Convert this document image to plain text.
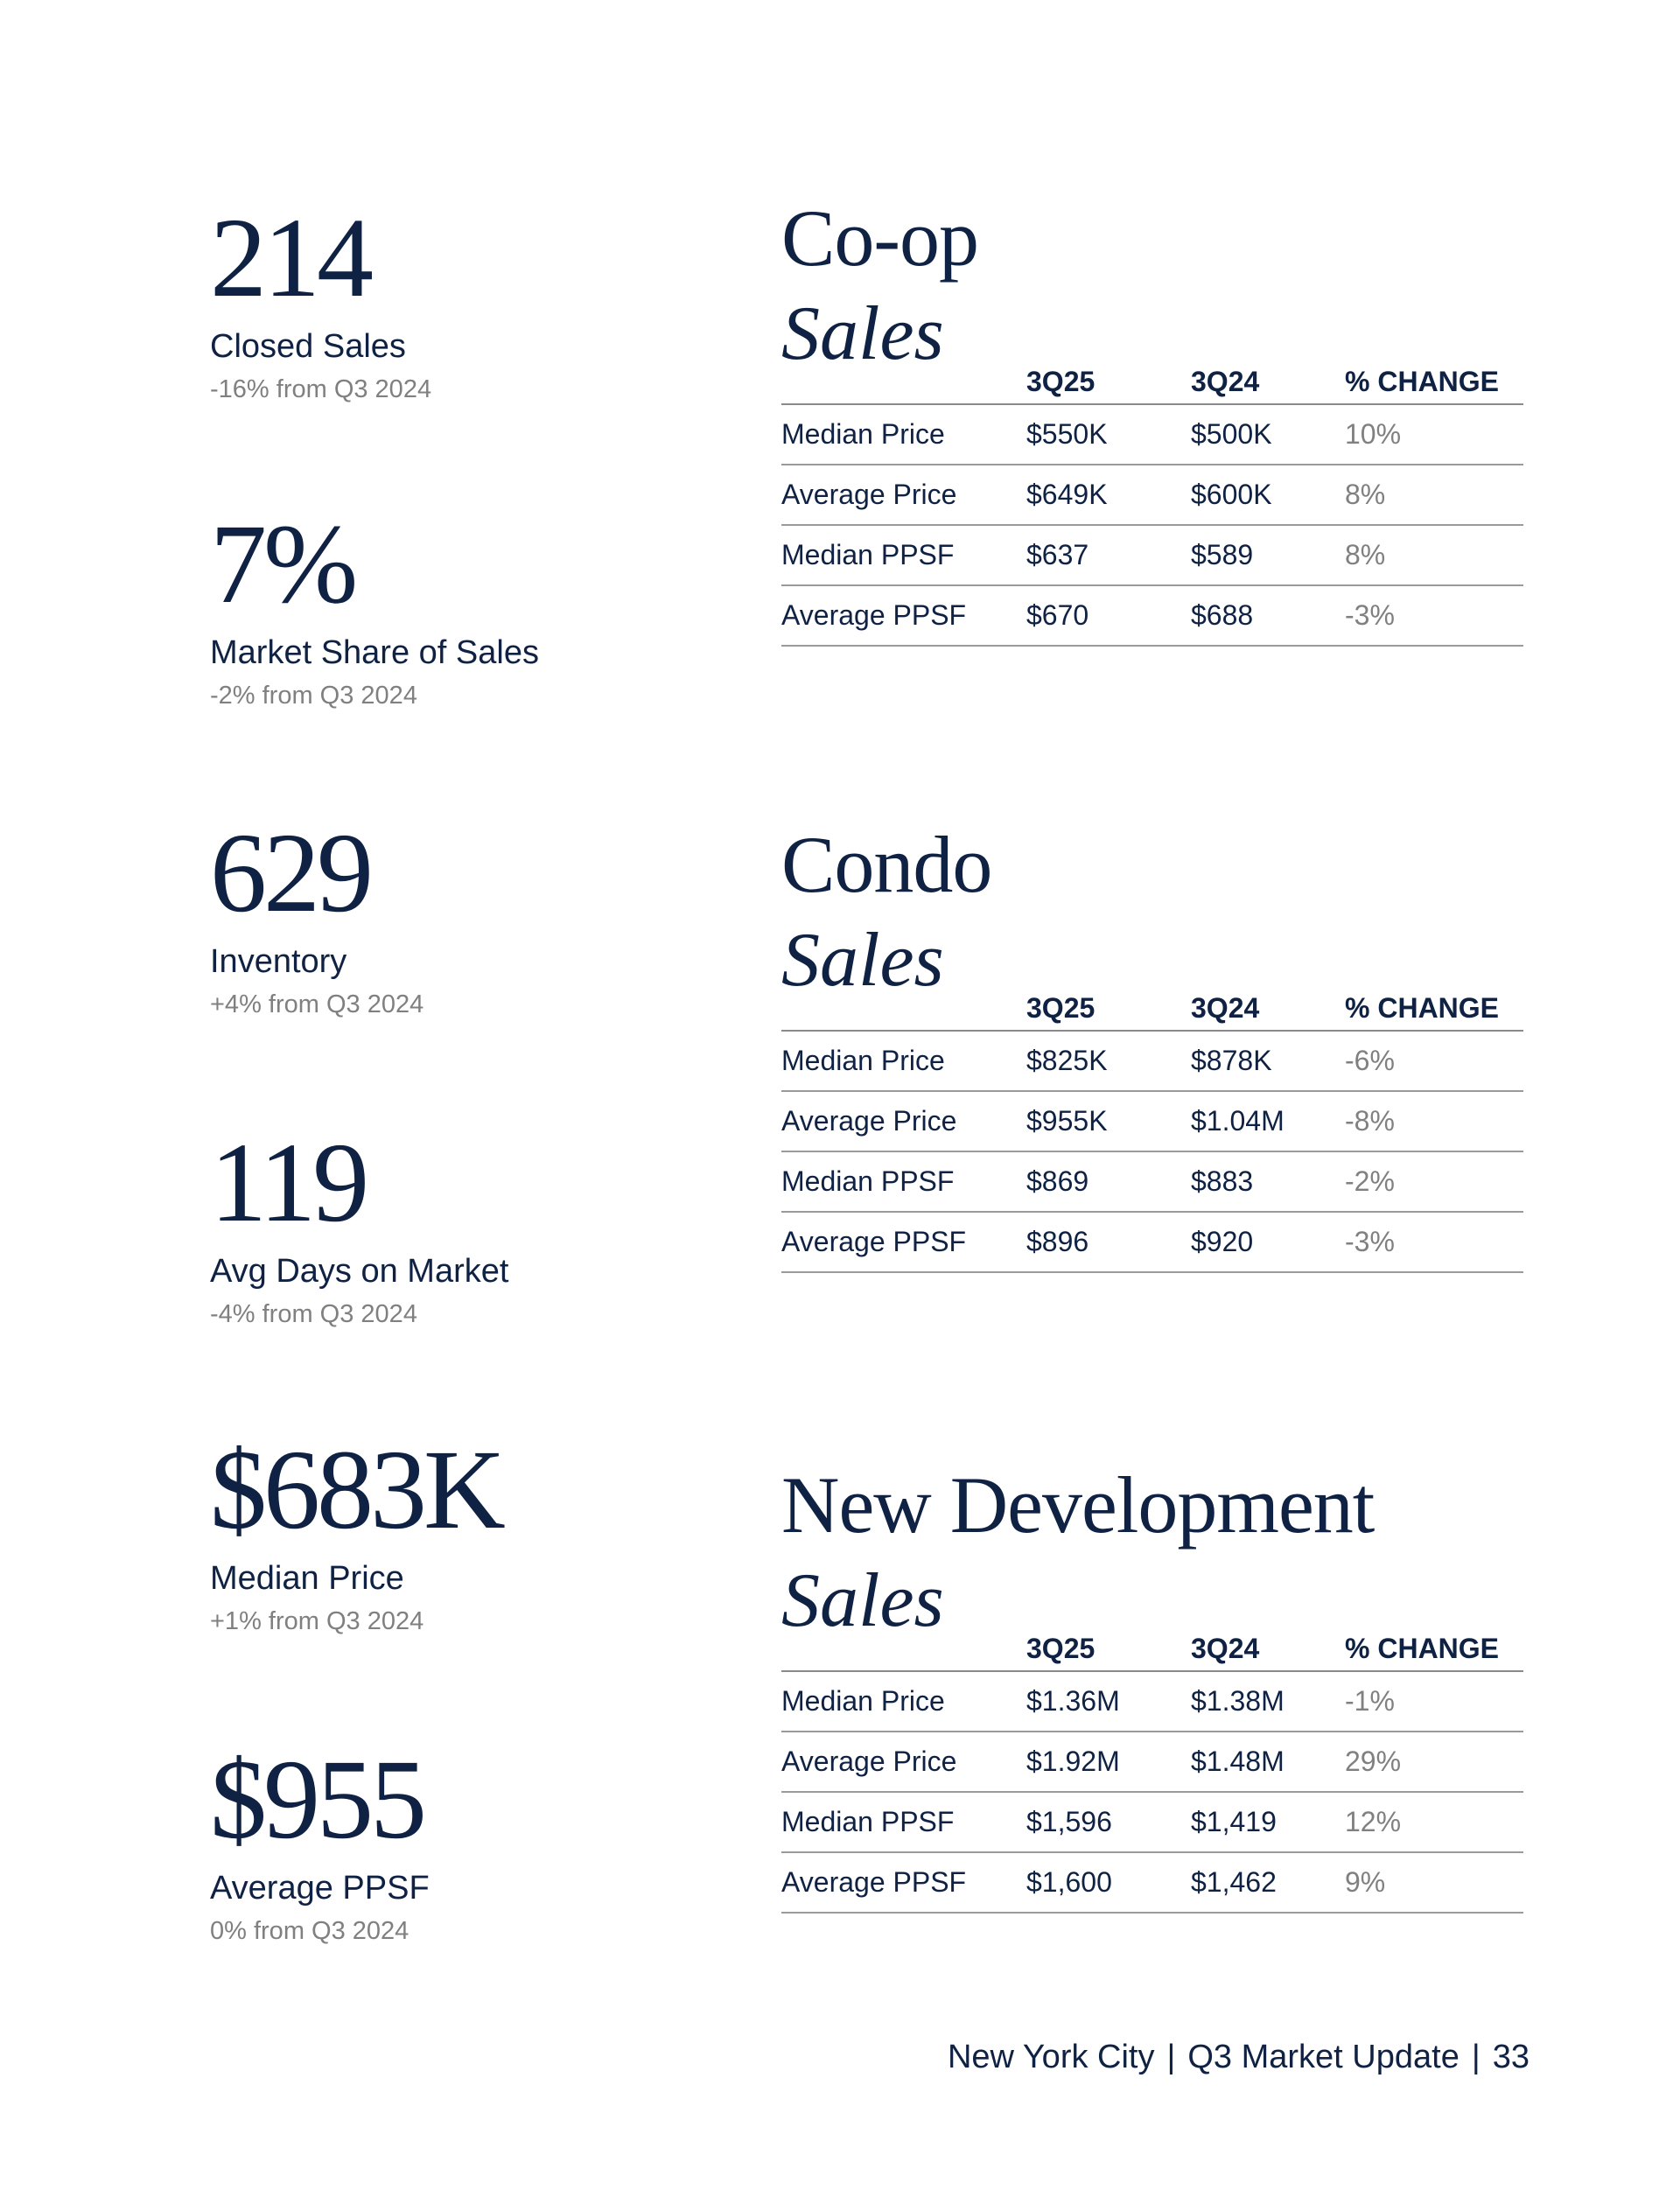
214
Closed Sales
-16% from Q3 2024
7%
Market Share of Sales
-2% from Q3 2024
629
Inventory
+4% from Q3 2024
119
Avg Days on Market
-4% from Q3 2024
$683K
Median Price
+1% from Q3 2024
$955
Average PPSF
0% from Q3 2024
Co-op
Sales
	3Q25	3Q24	% CHANGE
Median Price	$550K	$500K	10%
Average Price	$649K	$600K	8%
Median PPSF	$637	$589	8%
Average PPSF	$670	$688	-3%
Condo
Sales
	3Q25	3Q24	% CHANGE
Median Price	$825K	$878K	-6%
Average Price	$955K	$1.04M	-8%
Median PPSF	$869	$883	-2%
Average PPSF	$896	$920	-3%
New Development
Sales
	3Q25	3Q24	% CHANGE
Median Price	$1.36M	$1.38M	-1%
Average Price	$1.92M	$1.48M	29%
Median PPSF	$1,596	$1,419	12%
Average PPSF	$1,600	$1,462	9%
New York City | Q3 Market Update | 33
